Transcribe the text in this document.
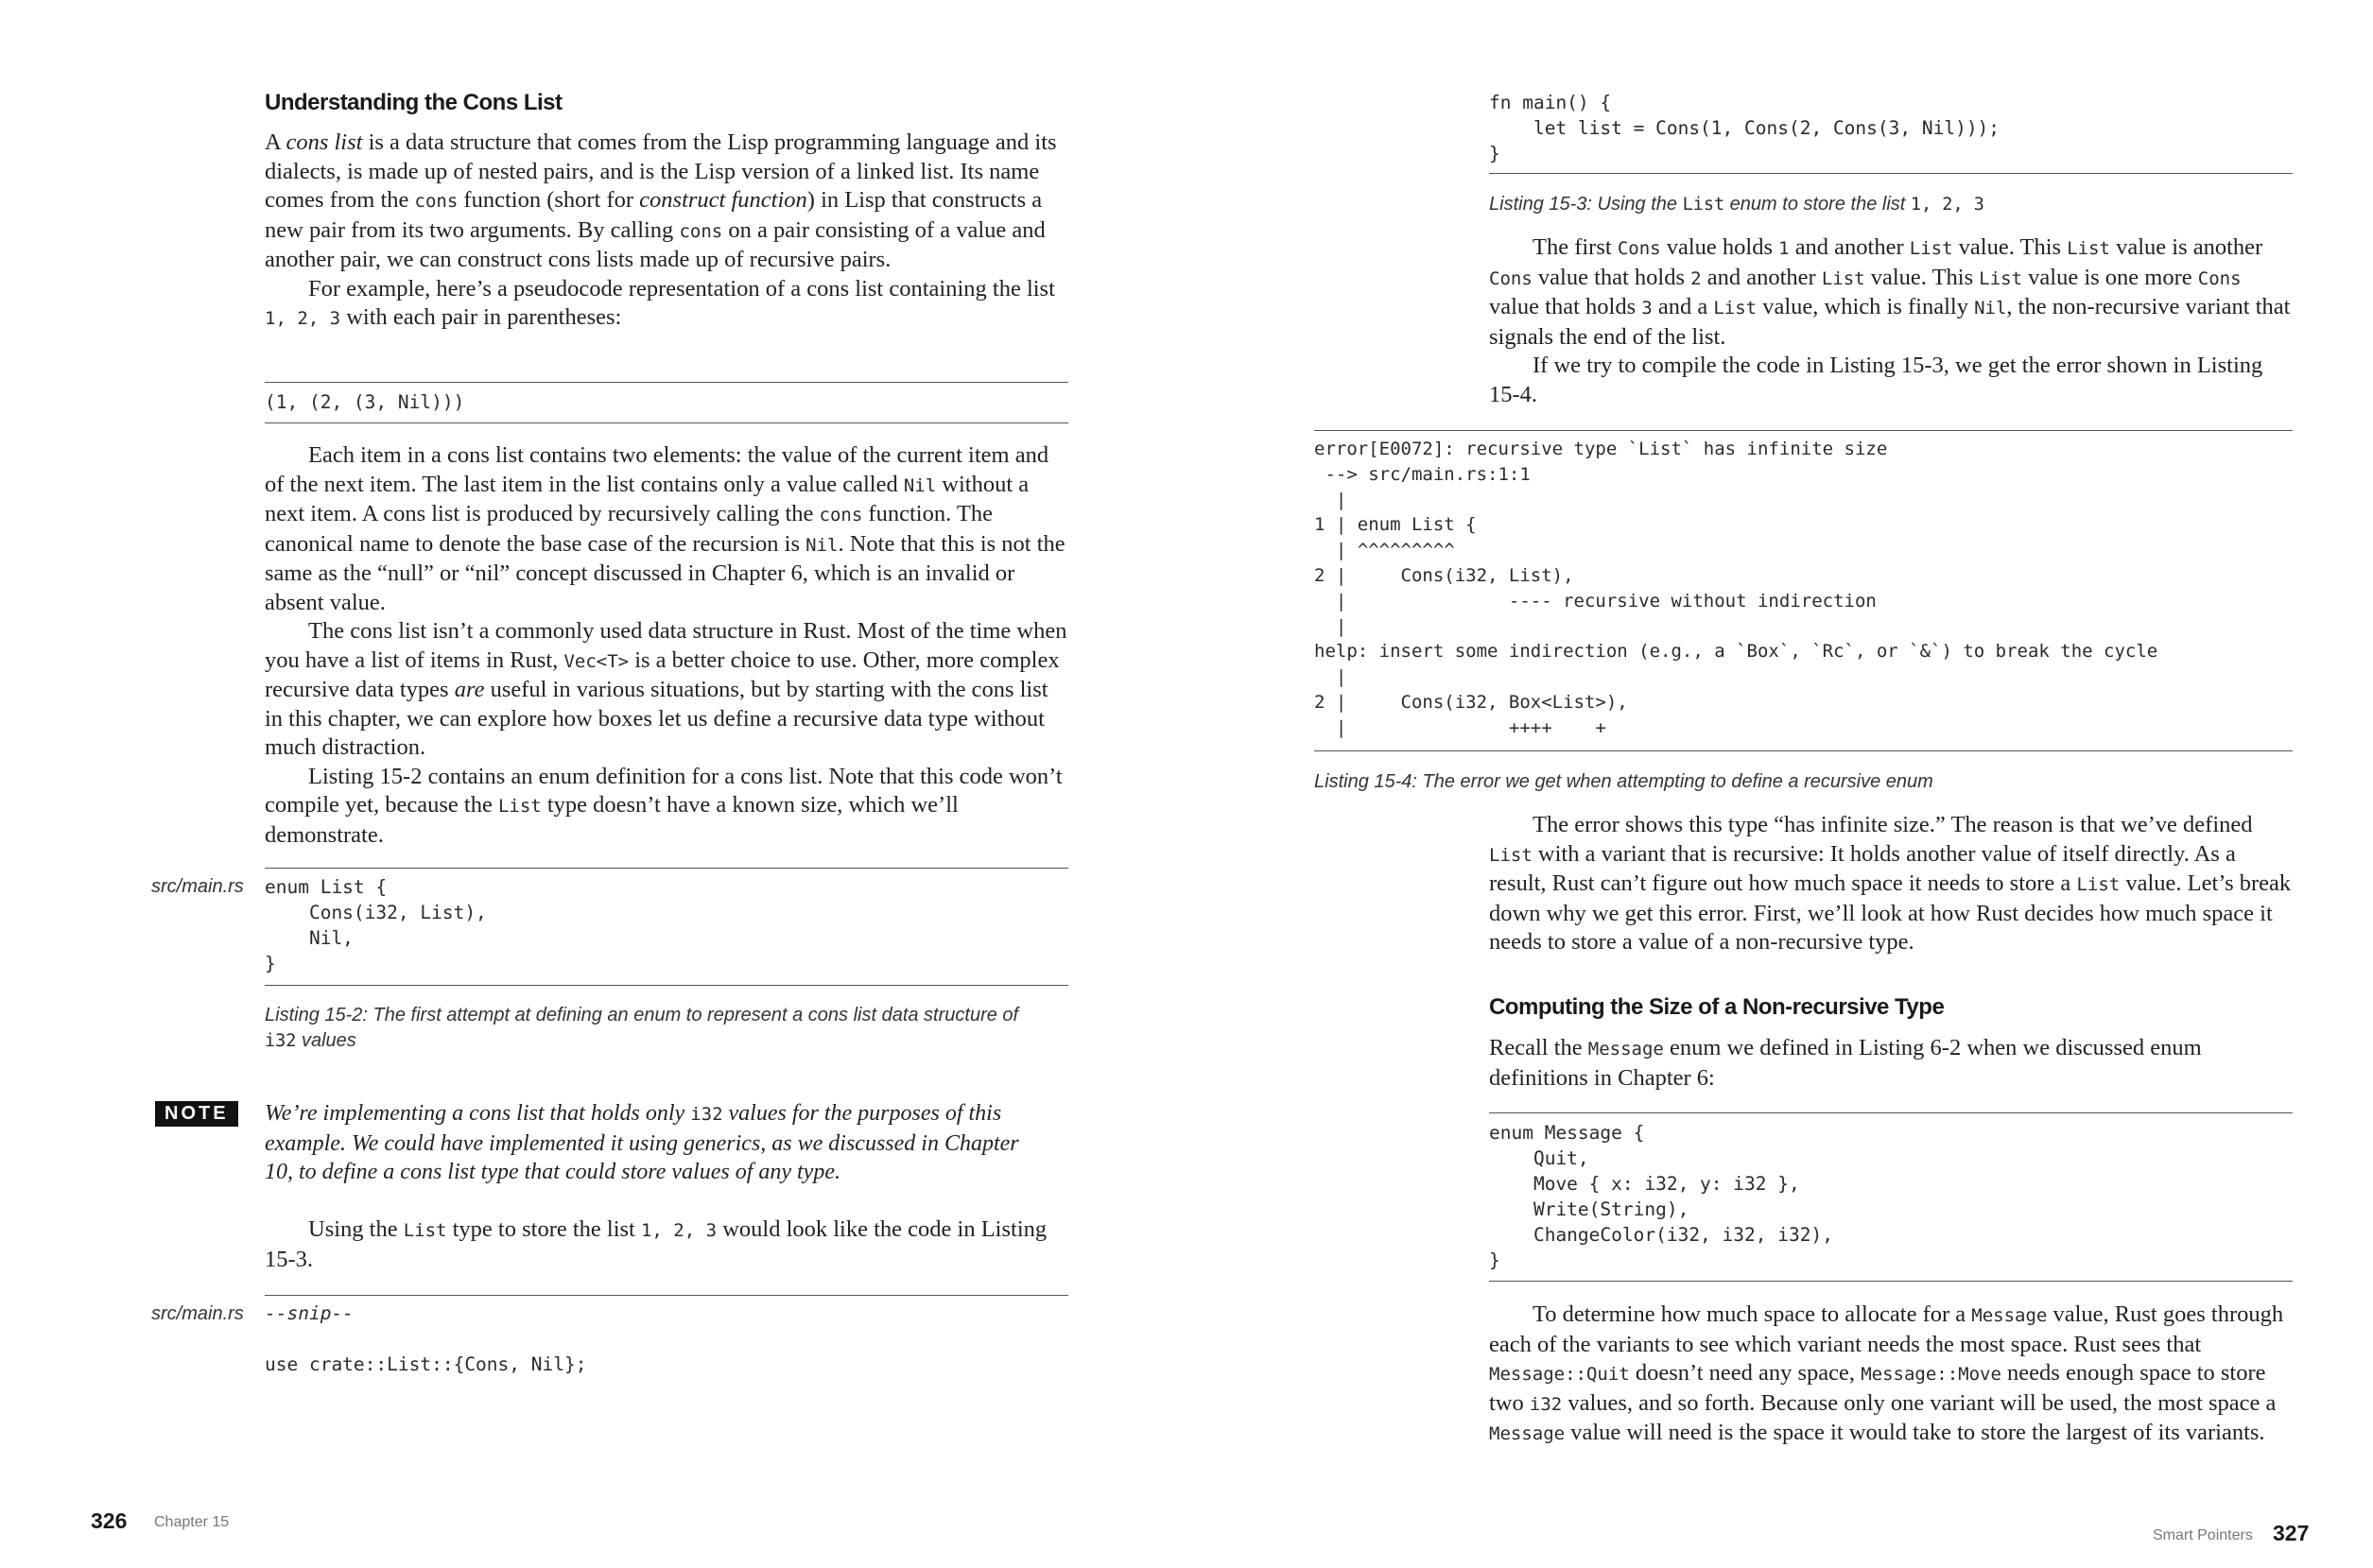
Understanding the Cons List

A cons list is a data structure that comes from the Lisp programming language and its dialects, is made up of nested pairs, and is the Lisp version of a linked list. Its name comes from the cons function (short for construct function) in Lisp that constructs a new pair from its two arguments. By calling cons on a pair consisting of a value and another pair, we can construct cons lists made up of recursive pairs.

For example, here’s a pseudocode representation of a cons list containing the list 1, 2, 3 with each pair in parentheses:

(1, (2, (3, Nil)))

Each item in a cons list contains two elements: the value of the current item and of the next item. The last item in the list contains only a value called Nil without a next item. A cons list is produced by recursively calling the cons function. The canonical name to denote the base case of the recursion is Nil. Note that this is not the same as the “null” or “nil” concept discussed in Chapter 6, which is an invalid or absent value.

The cons list isn’t a commonly used data structure in Rust. Most of the time when you have a list of items in Rust, Vec<T> is a better choice to use. Other, more complex recursive data types are useful in various situations, but by starting with the cons list in this chapter, we can explore how boxes let us define a recursive data type without much distraction.

Listing 15-2 contains an enum definition for a cons list. Note that this code won’t compile yet, because the List type doesn’t have a known size, which we’ll demonstrate.

src/main.rs enum List {
Cons(i32, List),
Nil,
}
Listing 15-2: The first attempt at defining an enum to represent a cons list data structure of i32 values
NOTE	We’re implementing a cons list that holds only i32 values for the purposes of this example. We could have implemented it using generics, as we discussed in Chapter 10, to define a cons list type that could store values of any type.

Using the List type to store the list 1, 2, 3 would look like the code in Listing 15-3.

src/main.rs --snip--
use crate::List::{Cons, Nil};
326 Chapter 15
fn main() {
let list = Cons(1, Cons(2, Cons(3, Nil)));
}
Listing 15-3: Using the List enum to store the list 1, 2, 3

The first Cons value holds 1 and another List value. This List value is another Cons value that holds 2 and another List value. This List value is one more Cons value that holds 3 and a List value, which is finally Nil, the non-recursive variant that signals the end of the list.

If we try to compile the code in Listing 15-3, we get the error shown in Listing 15-4.

error[E0072]: recursive type `List` has infinite size
--> src/main.rs:1:1
|
1 | enum List {
| ^^^^^^^^^
2 |     Cons(i32, List),
|               ---- recursive without indirection
|
help: insert some indirection (e.g., a `Box`, `Rc`, or `&`) to break the cycle
|
2 |     Cons(i32, Box<List>),
|               ++++    +
Listing 15-4: The error we get when attempting to define a recursive enum

The error shows this type “has infinite size.” The reason is that we’ve defined List with a variant that is recursive: It holds another value of itself directly. As a result, Rust can’t figure out how much space it needs to store a List value. Let’s break down why we get this error. First, we’ll look at how Rust decides how much space it needs to store a value of a non-recursive type.

Computing the Size of a Non-recursive Type

Recall the Message enum we defined in Listing 6-2 when we discussed enum definitions in Chapter 6:

enum Message {
Quit,
Move { x: i32, y: i32 },
Write(String),
ChangeColor(i32, i32, i32),
}

To determine how much space to allocate for a Message value, Rust goes through each of the variants to see which variant needs the most space. Rust sees that Message::Quit doesn’t need any space, Message::Move needs enough space to store two i32 values, and so forth. Because only one variant will be used, the most space a Message value will need is the space it would take to store the largest of its variants.

Smart Pointers 327
